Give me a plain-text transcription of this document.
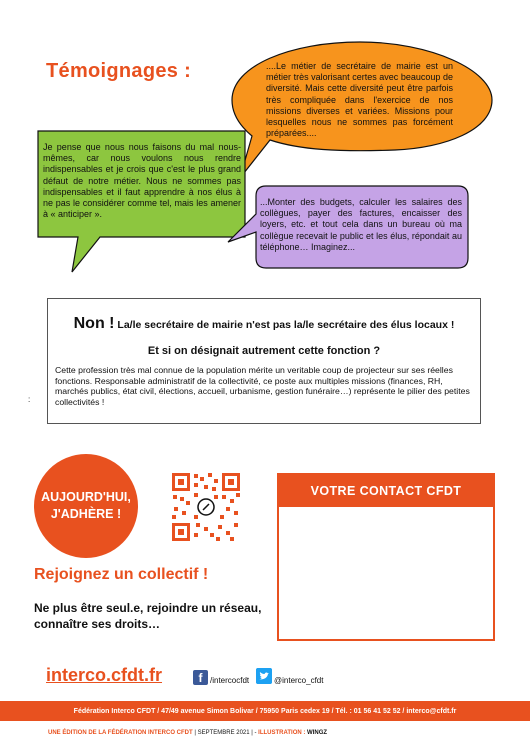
Témoignages :	....Le métier de secrétaire de mairie est un métier très valorisant certes avec beaucoup de diversité. Mais cette diversité peut être parfois très compliquée dans l'exercice de nos missions diverses et variées. Missions pour lesquelles nous ne sommes pas forcément préparées....
Je pense que nous nous faisons du mal nous-mêmes, car nous voulons nous rendre indispensables et je crois que c'est le plus grand défaut de notre métier. Nous ne sommes pas indispensables et il faut apprendre à nos élus à ne pas le considérer comme tel, mais les amener à « anticiper ».
...Monter des budgets, calculer les salaires des collègues, payer des factures, encaisser des loyers, etc. et tout cela dans un bureau où ma collègue recevait le public et les élus, répondait au téléphone… Imaginez...
Non ! La/le secrétaire de mairie n'est pas la/le secrétaire des élus locaux !
Et si on désignait autrement cette fonction ?
Cette profession très mal connue de la population mérite un veritable coup de projecteur sur ses réelles fonctions. Responsable administratif de la collectivité, ce poste aux multiples missions (finances, RH, marchés publics, état civil, élections, accueil, urbanisme, gestion funéraire…) représente le pilier des petites collectivités !
:
AUJOURD'HUI,
J'ADHÈRE !
Rejoignez un collectif !
Ne plus être seul.e, rejoindre un réseau, connaître ses droits…
VOTRE CONTACT CFDT
interco.cfdt.fr	f /intercocfdt	@interco_cfdt
Fédération Interco CFDT / 47/49 avenue Simon Bolivar / 75950 Paris cedex 19 / Tél. : 01 56 41 52 52 / interco@cfdt.fr
UNE ÉDITION DE LA FÉDÉRATION INTERCO CFDT | SEPTEMBRE 2021 | - ILLUSTRATION : WINGZ
